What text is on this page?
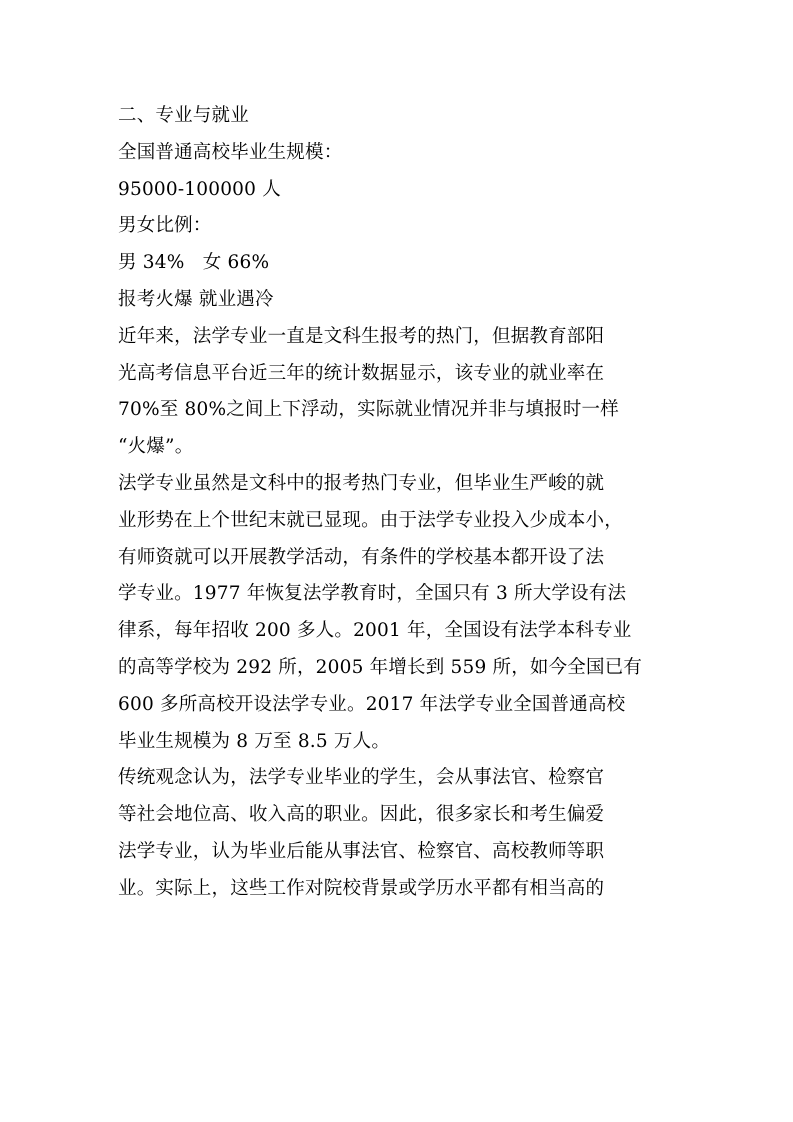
二、专业与就业
全国普通高校毕业生规模：
95000-100000 人
男女比例：
男 34%   女 66%
报考火爆 就业遇冷
近年来，法学专业一直是文科生报考的热门，但据教育部阳
光高考信息平台近三年的统计数据显示，该专业的就业率在
70%至 80%之间上下浮动，实际就业情况并非与填报时一样
“火爆”。
法学专业虽然是文科中的报考热门专业，但毕业生严峻的就
业形势在上个世纪末就已显现。由于法学专业投入少成本小，
有师资就可以开展教学活动，有条件的学校基本都开设了法
学专业。1977 年恢复法学教育时，全国只有 3 所大学设有法
律系，每年招收 200 多人。2001 年，全国设有法学本科专业
的高等学校为 292 所，2005 年增长到 559 所，如今全国已有
600 多所高校开设法学专业。2017 年法学专业全国普通高校
毕业生规模为 8 万至 8.5 万人。
传统观念认为，法学专业毕业的学生，会从事法官、检察官
等社会地位高、收入高的职业。因此，很多家长和考生偏爱
法学专业，认为毕业后能从事法官、检察官、高校教师等职
业。实际上，这些工作对院校背景或学历水平都有相当高的
